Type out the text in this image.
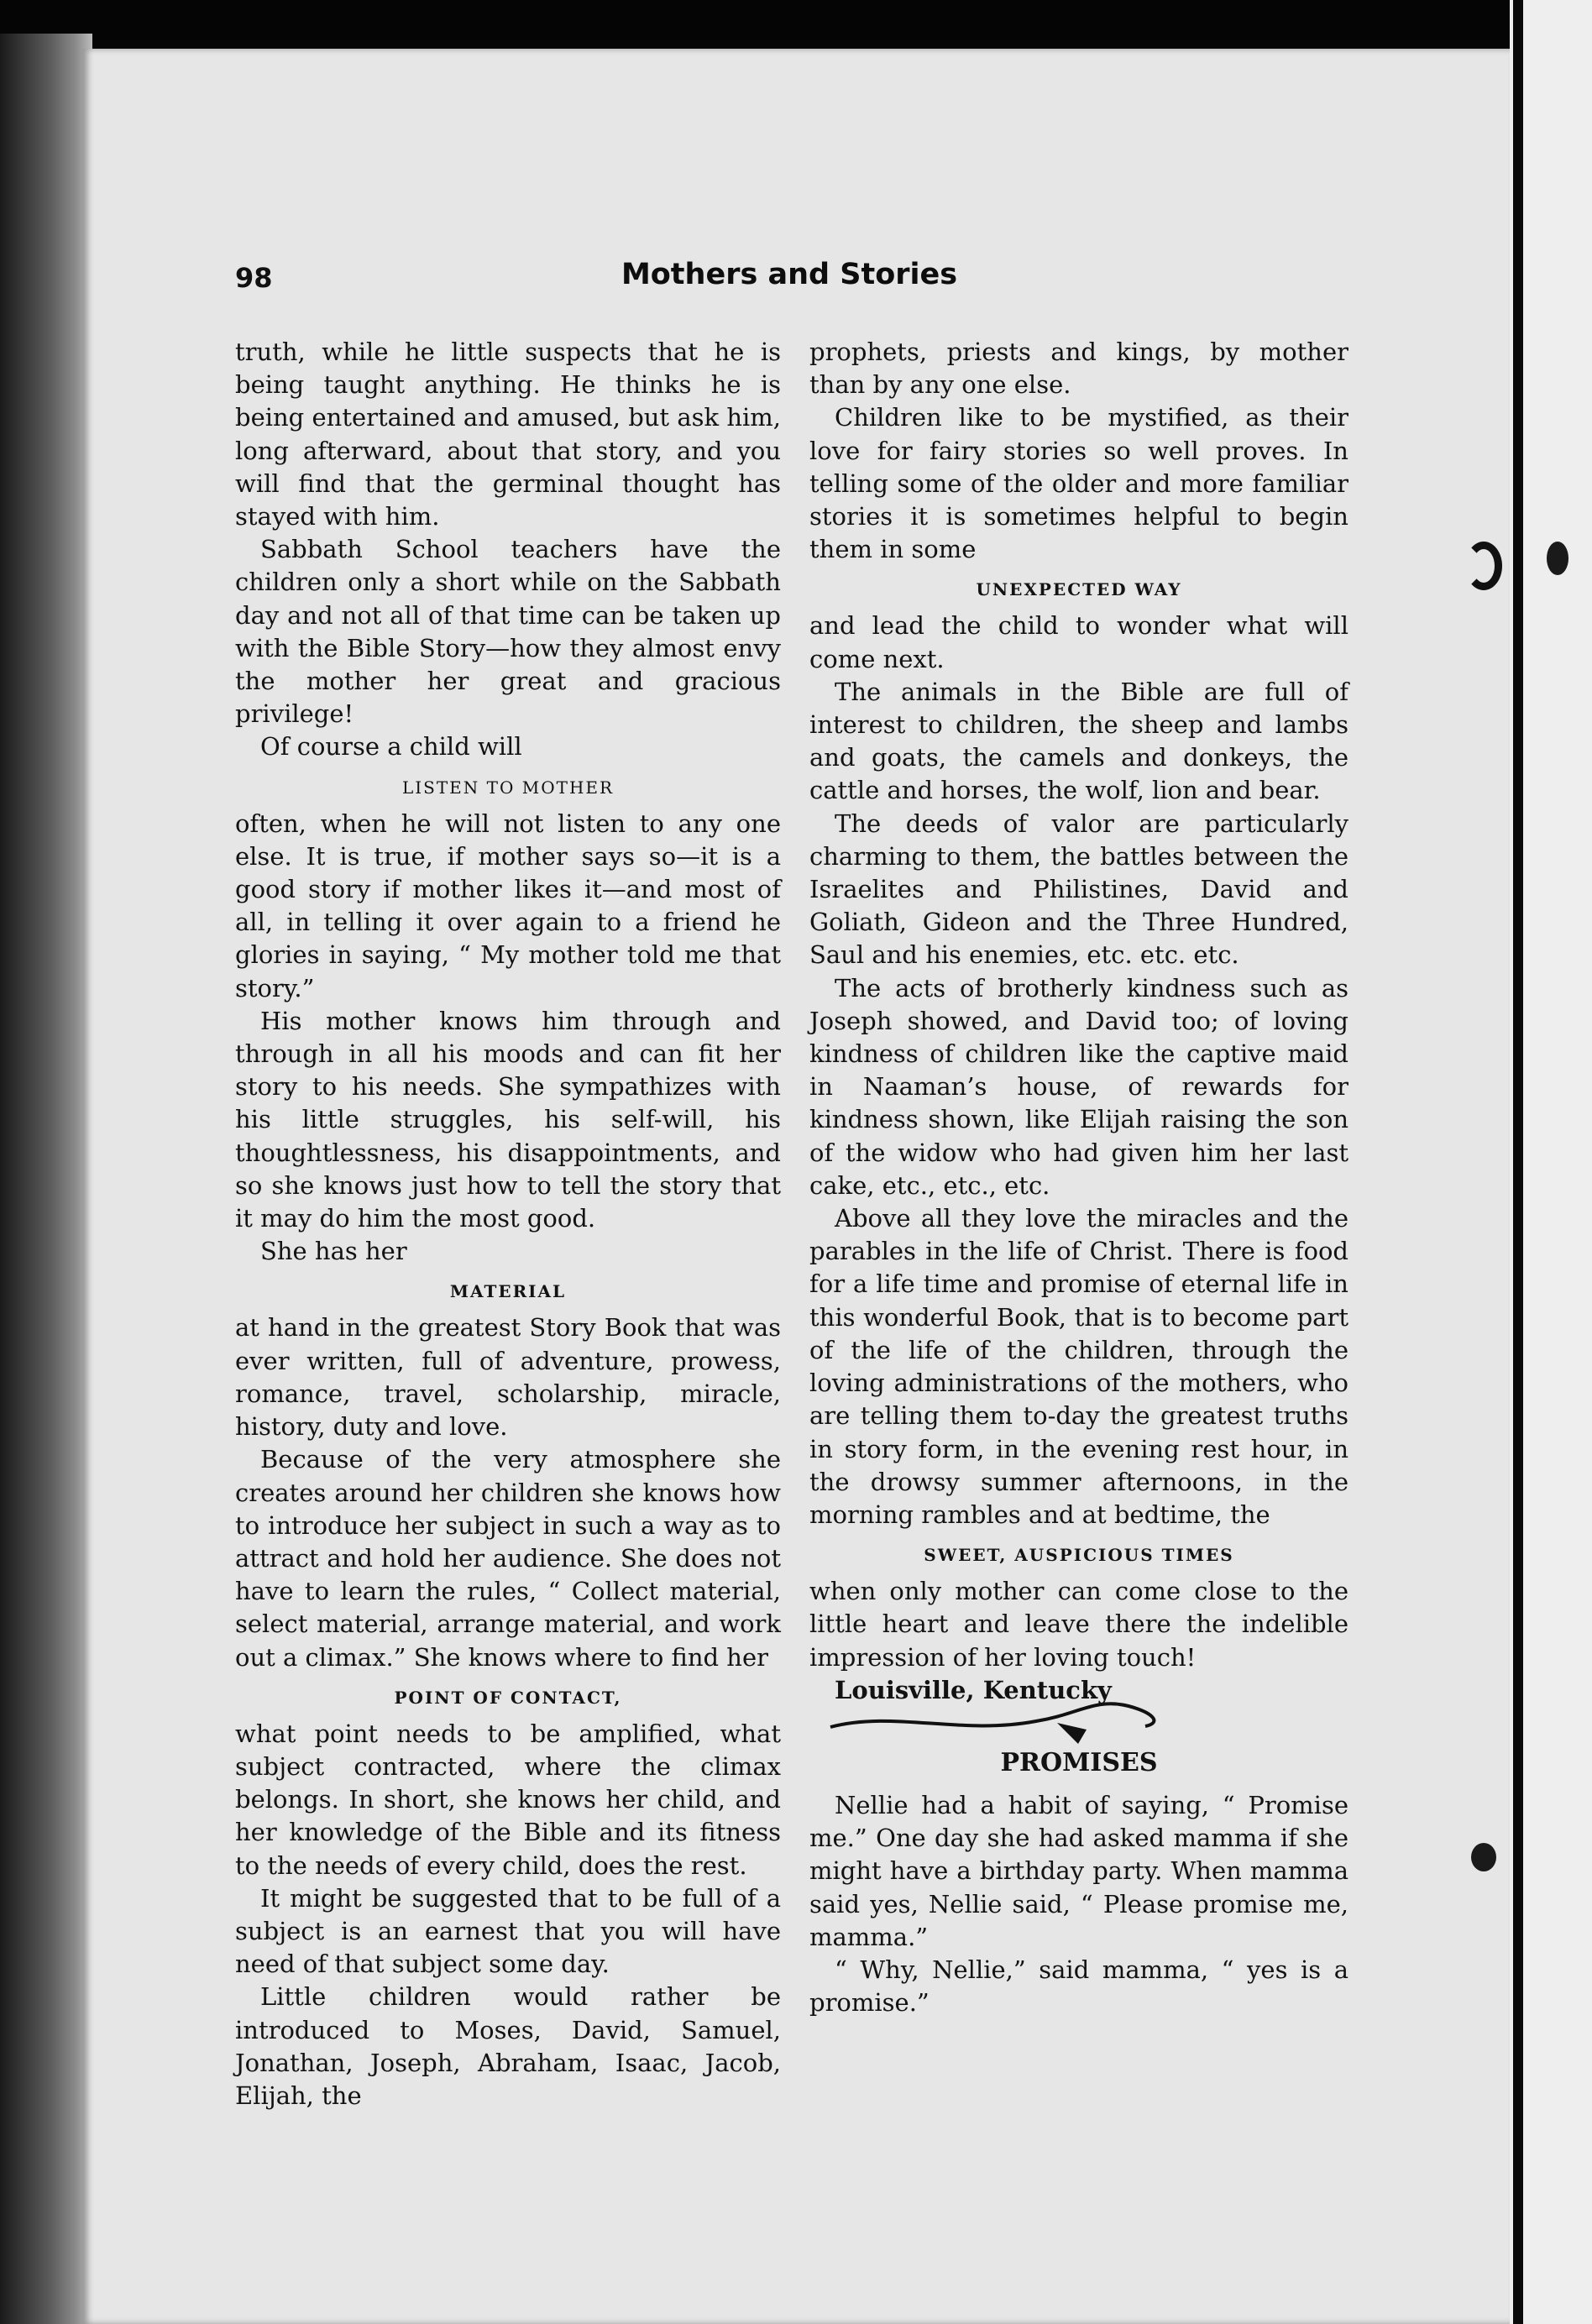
98	Mothers and Stories

truth, while he little suspects that he is being taught anything. He thinks he is being entertained and amused, but ask him, long afterward, about that story, and you will find that the germinal thought has stayed with him.

Sabbath School teachers have the children only a short while on the Sabbath day and not all of that time can be taken up with the Bible Story—how they almost envy the mother her great and gracious privilege!

Of course a child will

LISTEN TO MOTHER

often, when he will not listen to any one else. It is true, if mother says so—it is a good story if mother likes it—and most of all, in telling it over again to a friend he glories in saying, “ My mother told me that story.”

His mother knows him through and through in all his moods and can fit her story to his needs. She sympathizes with his little struggles, his self-will, his thoughtlessness, his disappointments, and so she knows just how to tell the story that it may do him the most good.

She has her

MATERIAL

at hand in the greatest Story Book that was ever written, full of adventure, prowess, romance, travel, scholarship, miracle, history, duty and love.

Because of the very atmosphere she creates around her children she knows how to introduce her subject in such a way as to attract and hold her audience. She does not have to learn the rules, “ Collect material, select material, arrange material, and work out a climax.” She knows where to find her

POINT OF CONTACT,

what point needs to be amplified, what subject contracted, where the climax belongs. In short, she knows her child, and her knowledge of the Bible and its fitness to the needs of every child, does the rest.

It might be suggested that to be full of a subject is an earnest that you will have need of that subject some day.

Little children would rather be introduced to Moses, David, Samuel, Jonathan, Joseph, Abraham, Isaac, Jacob, Elijah, the

prophets, priests and kings, by mother than by any one else.

Children like to be mystified, as their love for fairy stories so well proves. In telling some of the older and more familiar stories it is sometimes helpful to begin them in some

UNEXPECTED WAY

and lead the child to wonder what will come next.

The animals in the Bible are full of interest to children, the sheep and lambs and goats, the camels and donkeys, the cattle and horses, the wolf, lion and bear.

The deeds of valor are particularly charming to them, the battles between the Israelites and Philistines, David and Goliath, Gideon and the Three Hundred, Saul and his enemies, etc. etc. etc.

The acts of brotherly kindness such as Joseph showed, and David too; of loving kindness of children like the captive maid in Naaman’s house, of rewards for kindness shown, like Elijah raising the son of the widow who had given him her last cake, etc., etc., etc.

Above all they love the miracles and the parables in the life of Christ. There is food for a life time and promise of eternal life in this wonderful Book, that is to become part of the life of the children, through the loving administrations of the mothers, who are telling them to-day the greatest truths in story form, in the evening rest hour, in the drowsy summer afternoons, in the morning rambles and at bedtime, the

SWEET, AUSPICIOUS TIMES

when only mother can come close to the little heart and leave there the indelible impression of her loving touch!

Louisville, Kentucky
PROMISES

Nellie had a habit of saying, “ Promise me.” One day she had asked mamma if she might have a birthday party. When mamma said yes, Nellie said, “ Please promise me, mamma.”

“ Why, Nellie,” said mamma, “ yes is a promise.”
